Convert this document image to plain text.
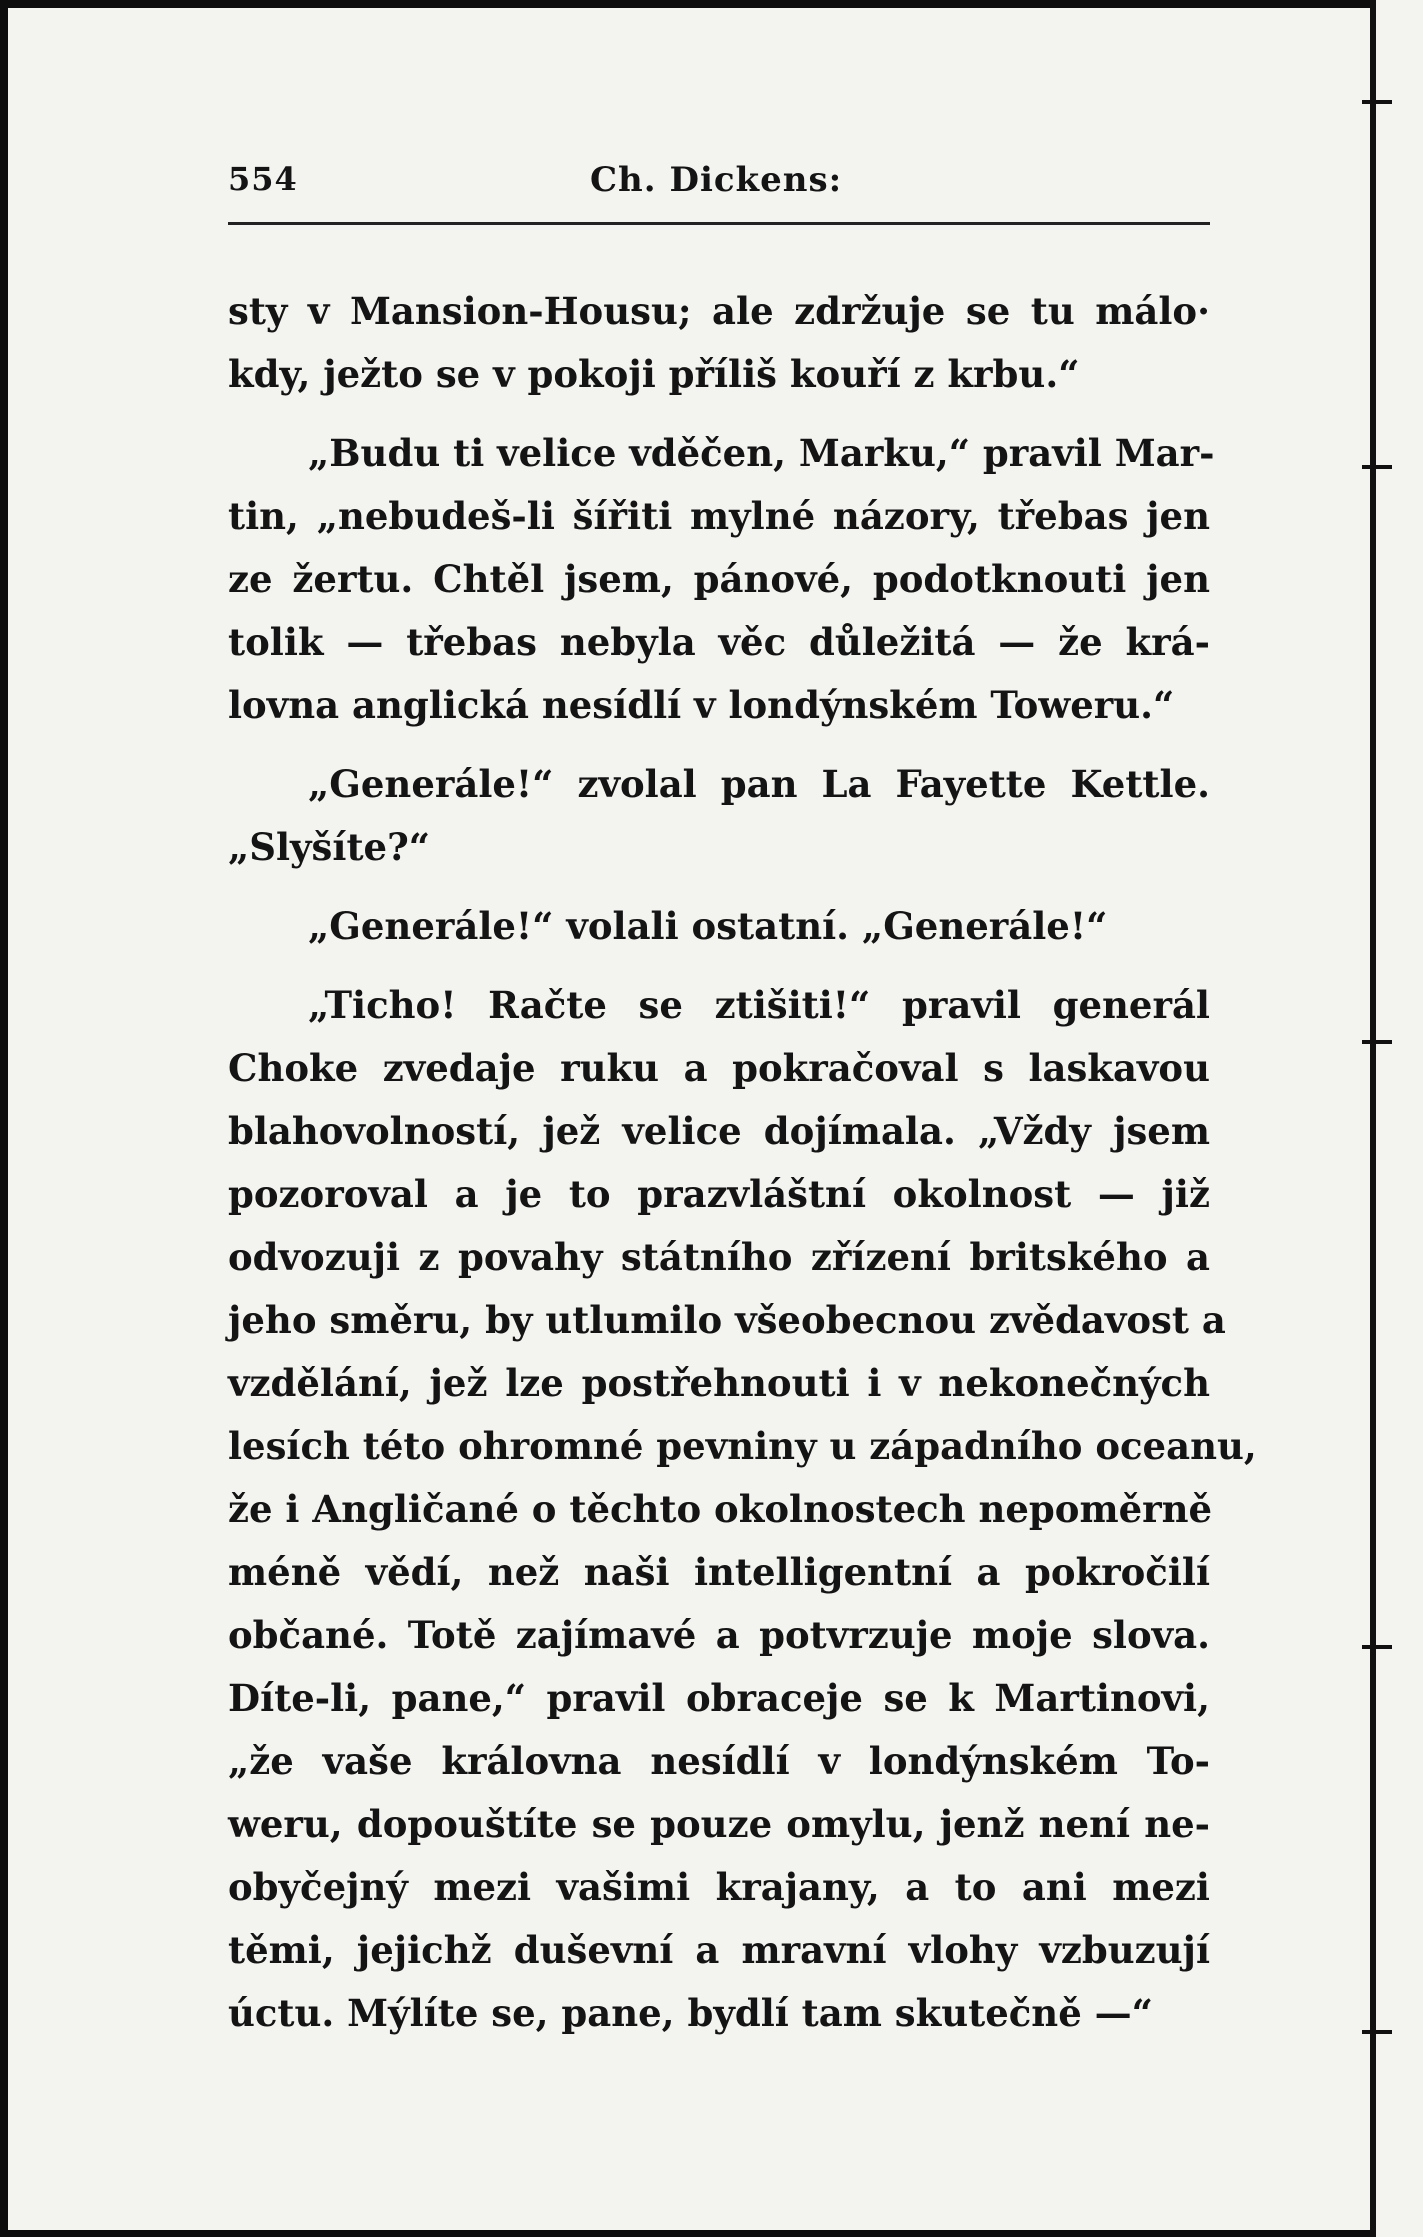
554	Ch. Dickens:
sty v Mansion-Housu; ale zdržuje se tu málo·
kdy, ježto se v pokoji příliš kouří z krbu.“
„Budu ti velice vděčen, Marku,“ pravil Mar-
tin, „nebudeš-li šířiti mylné názory, třebas jen
ze žertu. Chtěl jsem, pánové, podotknouti jen
tolik — třebas nebyla věc důležitá — že krá-
lovna anglická nesídlí v londýnském Toweru.“
„Generále!“ zvolal pan La Fayette Kettle.
„Slyšíte?“
„Generále!“ volali ostatní. „Generále!“
„Ticho! Račte se ztišiti!“ pravil generál
Choke zvedaje ruku a pokračoval s laskavou
blahovolností, jež velice dojímala. „Vždy jsem
pozoroval a je to prazvláštní okolnost — již
odvozuji z povahy státního zřízení britského a
jeho směru, by utlumilo všeobecnou zvědavost a
vzdělání, jež lze postřehnouti i v nekonečných
lesích této ohromné pevniny u západního oceanu,
že i Angličané o těchto okolnostech nepoměrně
méně vědí, než naši intelligentní a pokročilí
občané. Totě zajímavé a potvrzuje moje slova.
Díte-li, pane,“ pravil obraceje se k Martinovi,
„že vaše královna nesídlí v londýnském To-
weru, dopouštíte se pouze omylu, jenž není ne-
obyčejný mezi vašimi krajany, a to ani mezi
těmi, jejichž duševní a mravní vlohy vzbuzují
úctu. Mýlíte se, pane, bydlí tam skutečně —“
